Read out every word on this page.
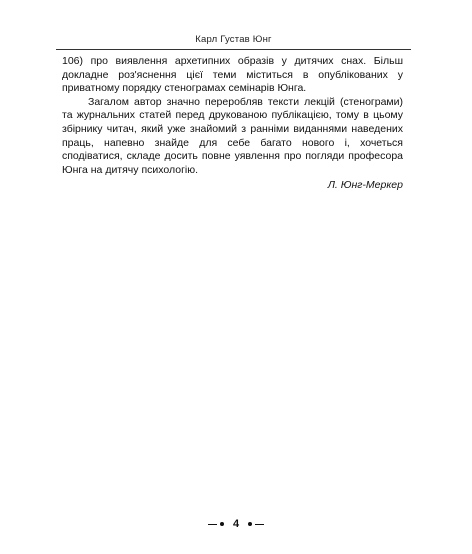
Карл Густав Юнг

106) про виявлення архетипних образів у дитячих снах. Більш докладне роз'яснення цієї теми міститься в опублікованих у приватному порядку стенограмах семінарів Юнга.

Загалом автор значно переробляв тексти лекцій (стенограми) та журнальних статей перед друкованою публікацією, тому в цьому збірнику читач, який уже знайомий з ранніми виданнями наведених праць, напевно знайде для себе багато нового і, хочеться сподіватися, складе досить повне уявлення про погляди професора Юнга на дитячу психологію.

Л. Юнг-Меркер

4
